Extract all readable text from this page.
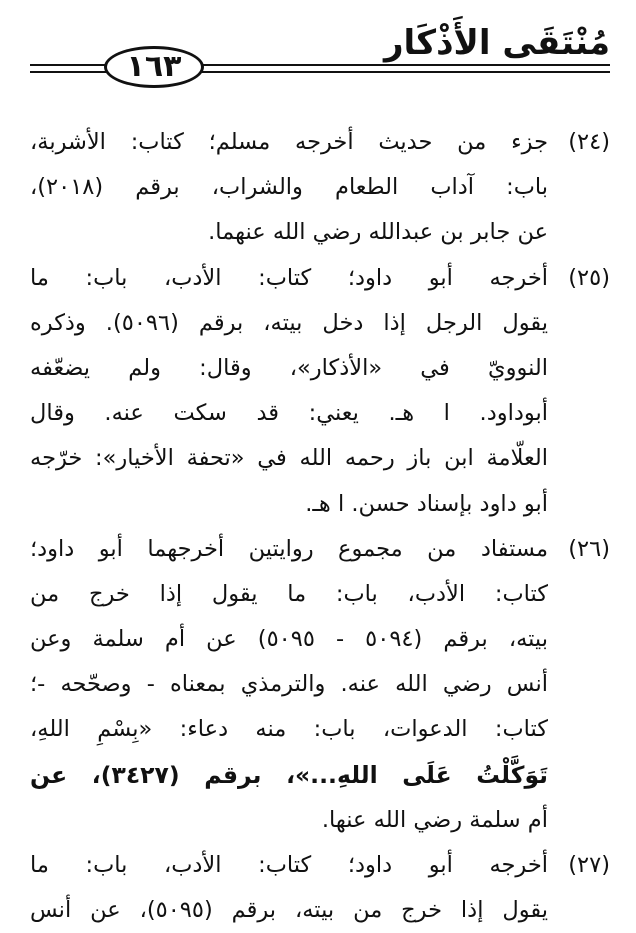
مُنْتَقَى الأَذْكَار
١٦٣
(٢٤)
جزء من حديث أخرجه مسلم؛ كتاب: الأشربة،
باب: آداب الطعام والشراب، برقم (٢٠١٨)،
عن جابر بن عبدالله رضي الله عنهما.
(٢٥)
أخرجه أبو داود؛ كتاب: الأدب، باب: ما
يقول الرجل إذا دخل بيته، برقم (٥٠٩٦). وذكره
النوويّ في «الأذكار»، وقال: ولم يضعّفه
أبوداود. ا هـ. يعني: قد سكت عنه. وقال
العلّامة ابن باز رحمه الله في «تحفة الأخيار»: خرّجه
أبو داود بإسناد حسن. ا هـ.
(٢٦)
مستفاد من مجموع روايتين أخرجهما أبو داود؛
كتاب: الأدب، باب: ما يقول إذا خرج من
بيته، برقم (٥٠٩٤ - ٥٠٩٥) عن أم سلمة وعن
أنس رضي الله عنه. والترمذي بمعناه - وصحّحه -؛
كتاب: الدعوات، باب: منه دعاء: «بِسْمِ اللهِ،
تَوَكَّلْتُ عَلَى اللهِ...»، برقم (٣٤٢٧)، عن
أم سلمة رضي الله عنها.
(٢٧)
أخرجه أبو داود؛ كتاب: الأدب، باب: ما
يقول إذا خرج من بيته، برقم (٥٠٩٥)، عن أنس
